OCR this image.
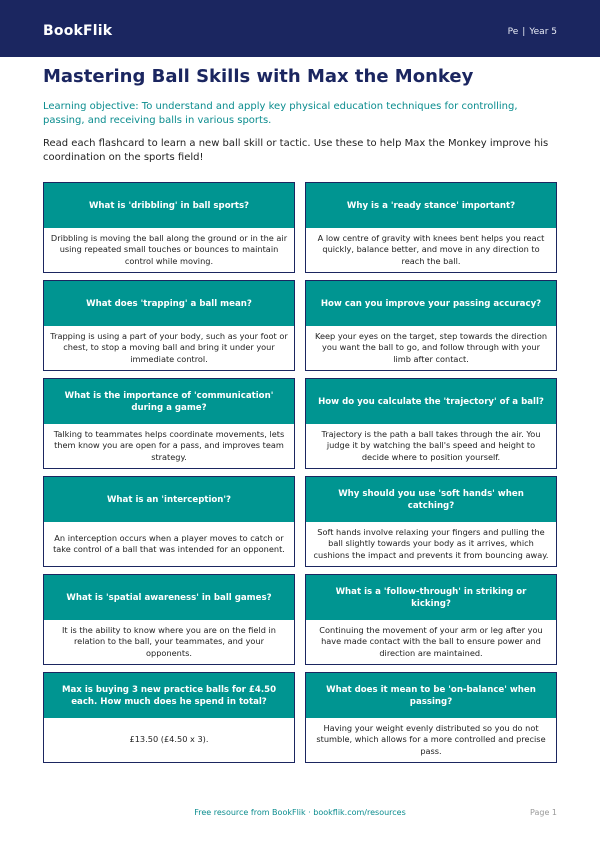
BookFlik	Pe | Year 5
Mastering Ball Skills with Max the Monkey

Learning objective: To understand and apply key physical education techniques for controlling, passing, and receiving balls in various sports.

Read each flashcard to learn a new ball skill or tactic. Use these to help Max the Monkey improve his coordination on the sports field!

What is 'dribbling' in ball sports?
Dribbling is moving the ball along the ground or in the air using repeated small touches or bounces to maintain control while moving.
Why is a 'ready stance' important?
A low centre of gravity with knees bent helps you react quickly, balance better, and move in any direction to reach the ball.
What does 'trapping' a ball mean?
Trapping is using a part of your body, such as your foot or chest, to stop a moving ball and bring it under your immediate control.
How can you improve your passing accuracy?
Keep your eyes on the target, step towards the direction you want the ball to go, and follow through with your limb after contact.
What is the importance of 'communication' during a game?
Talking to teammates helps coordinate movements, lets them know you are open for a pass, and improves team strategy.
How do you calculate the 'trajectory' of a ball?
Trajectory is the path a ball takes through the air. You judge it by watching the ball's speed and height to decide where to position yourself.
What is an 'interception'?
An interception occurs when a player moves to catch or take control of a ball that was intended for an opponent.
Why should you use 'soft hands' when catching?
Soft hands involve relaxing your fingers and pulling the ball slightly towards your body as it arrives, which cushions the impact and prevents it from bouncing away.
What is 'spatial awareness' in ball games?
It is the ability to know where you are on the field in relation to the ball, your teammates, and your opponents.
What is a 'follow-through' in striking or kicking?
Continuing the movement of your arm or leg after you have made contact with the ball to ensure power and direction are maintained.
Max is buying 3 new practice balls for £4.50 each. How much does he spend in total?
£13.50 (£4.50 x 3).
What does it mean to be 'on-balance' when passing?
Having your weight evenly distributed so you do not stumble, which allows for a more controlled and precise pass.
Free resource from BookFlik · bookflik.com/resources	Page 1
